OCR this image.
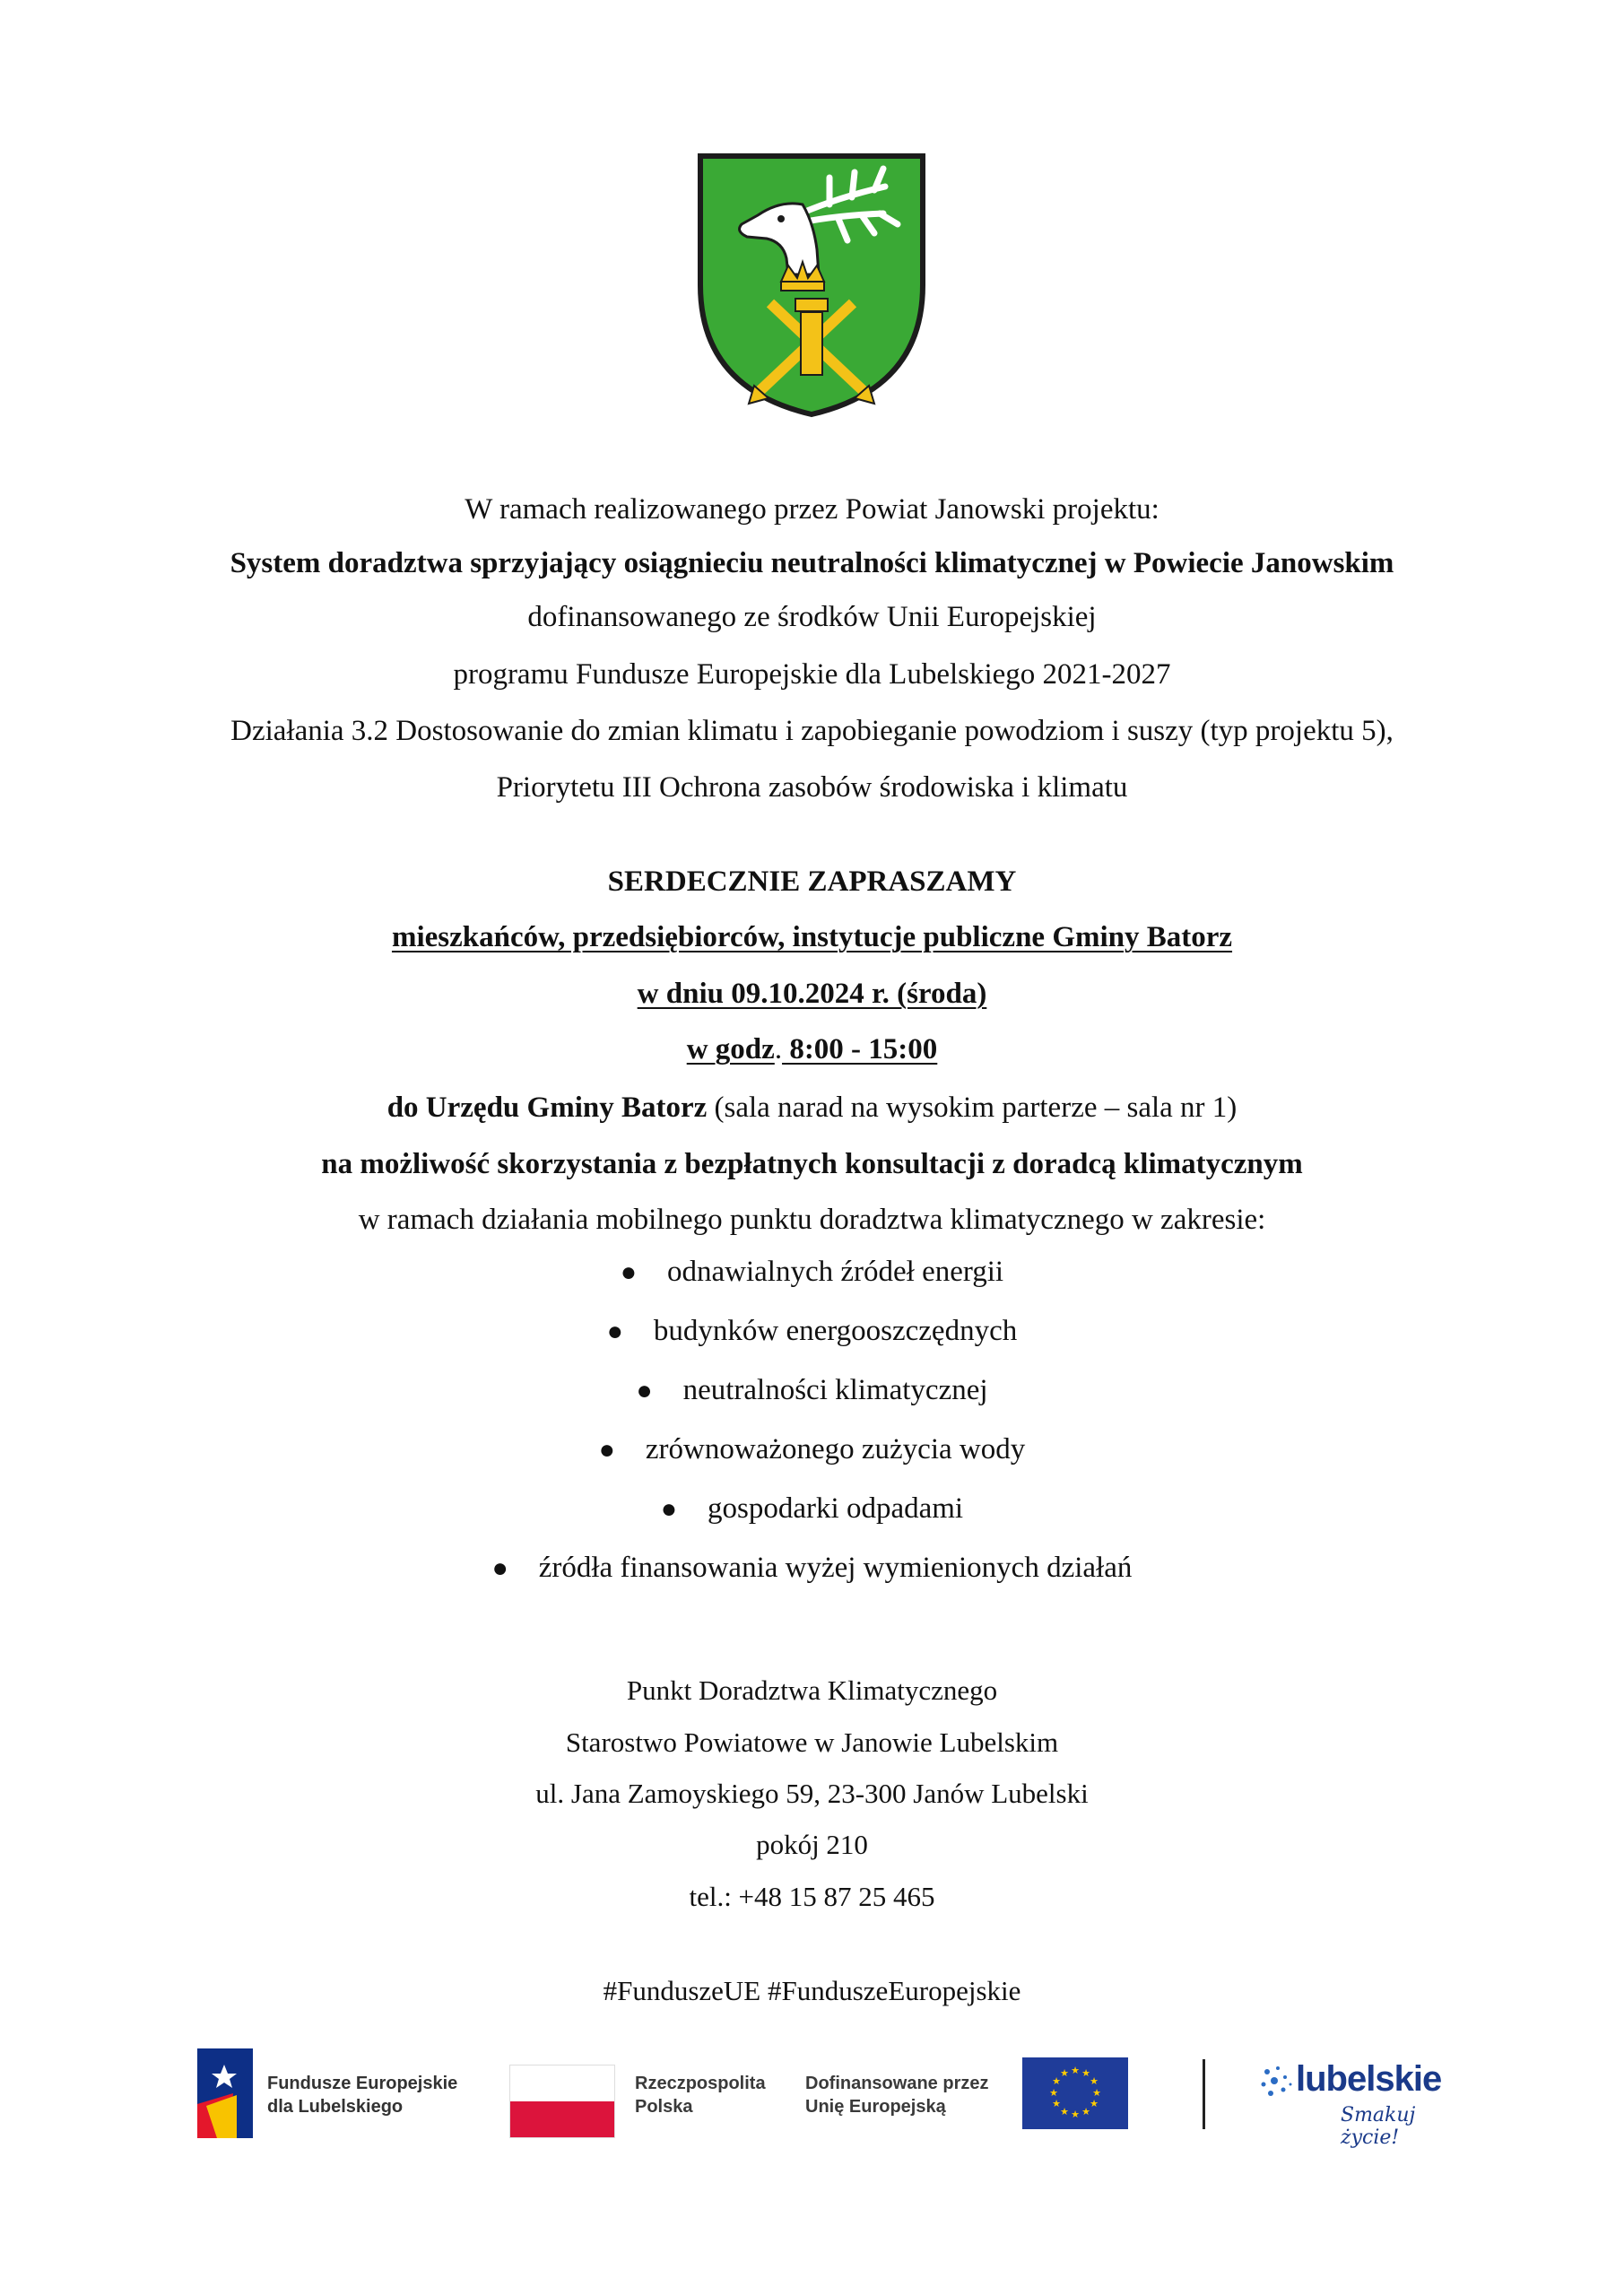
W ramach realizowanego przez Powiat Janowski projektu:
System doradztwa sprzyjający osiągnieciu neutralności klimatycznej w Powiecie Janowskim
dofinansowanego ze środków Unii Europejskiej
programu Fundusze Europejskie dla Lubelskiego 2021-2027
Działania 3.2 Dostosowanie do zmian klimatu i zapobieganie powodziom i suszy (typ projektu 5),
Priorytetu III Ochrona zasobów środowiska i klimatu
SERDECZNIE ZAPRASZAMY
mieszkańców, przedsiębiorców, instytucje publiczne Gminy Batorz
w dniu 09.10.2024 r. (środa)
w godz. 8:00 - 15:00
do Urzędu Gminy Batorz (sala narad na wysokim parterze – sala nr 1)
na możliwość skorzystania z bezpłatnych konsultacji z doradcą klimatycznym
w ramach działania mobilnego punktu doradztwa klimatycznego w zakresie:
● odnawialnych źródeł energii
● budynków energooszczędnych
● neutralności klimatycznej
● zrównoważonego zużycia wody
● gospodarki odpadami
● źródła finansowania wyżej wymienionych działań
Punkt Doradztwa Klimatycznego
Starostwo Powiatowe w Janowie Lubelskim
ul. Jana Zamoyskiego 59, 23-300 Janów Lubelski
pokój 210
tel.: +48 15 87 25 465
#FunduszeUE #FunduszeEuropejskie
Fundusze Europejskie
dla Lubelskiego
Rzeczpospolita
Polska
Dofinansowane przez
Unię Europejską
★ ★
★
★
★
★
★
★
★
★
★
★	lubelskie
Smakuj życie!
